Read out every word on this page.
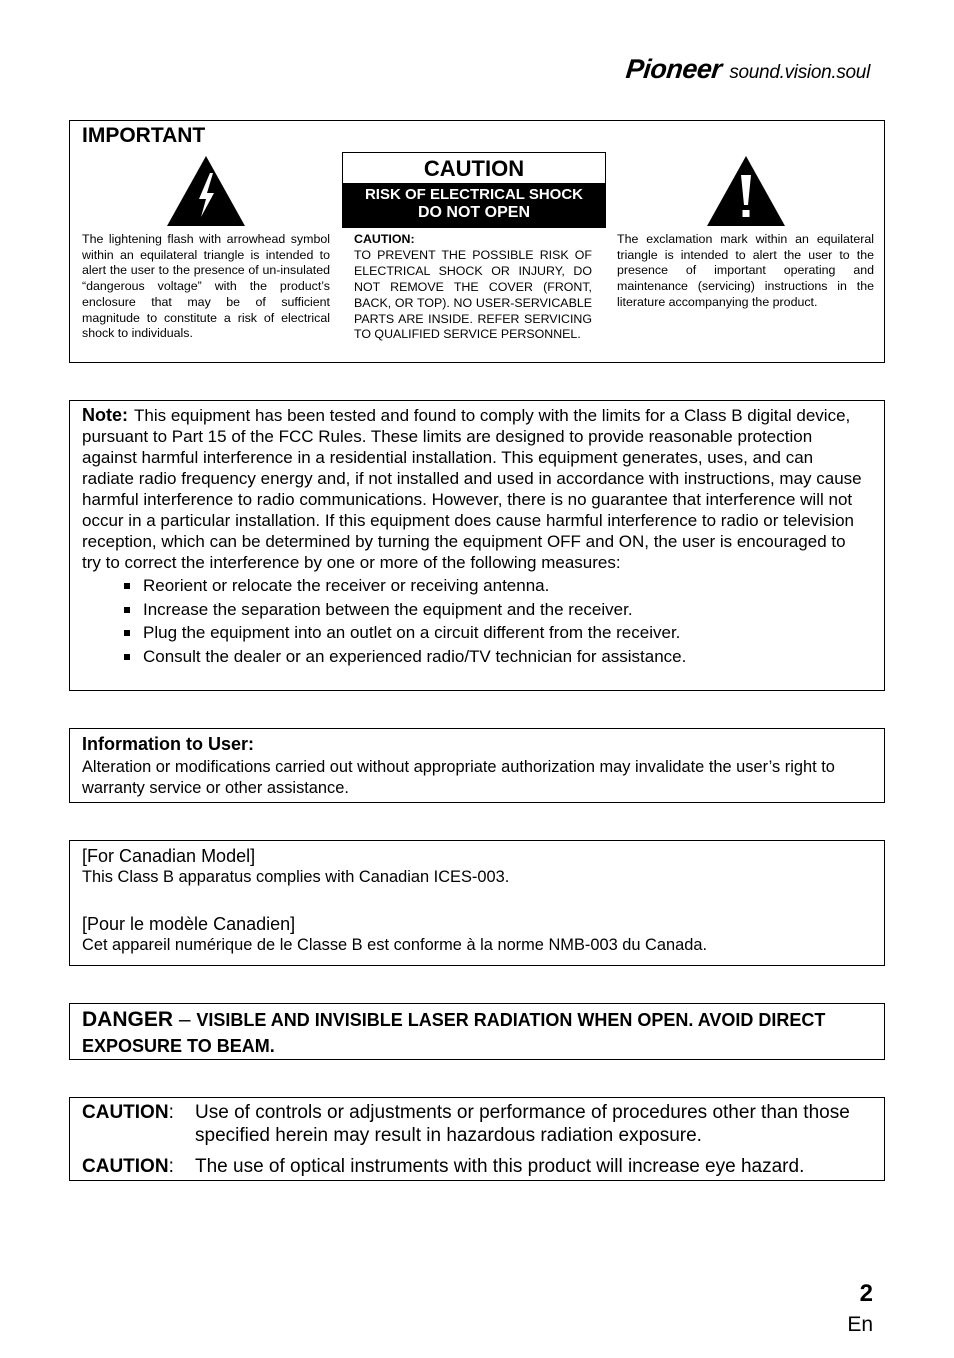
Pioneer sound.vision.soul
IMPORTANT
The lightening flash with arrowhead symbol within an equilateral triangle is intended to alert the user to the presence of un-insulated “dangerous voltage” with the product’s enclosure that may be of sufficient magnitude to constitute a risk of electrical shock to individuals.
CAUTION
RISK OF ELECTRICAL SHOCK
DO NOT OPEN
CAUTION:
TO PREVENT THE POSSIBLE RISK OF ELECTRICAL SHOCK OR INJURY, DO NOT REMOVE THE COVER (FRONT, BACK, OR TOP). NO USER-SERVICABLE PARTS ARE INSIDE. REFER SERVICING TO QUALIFIED SERVICE PERSONNEL.
The exclamation mark within an equilateral triangle is intended to alert the user to the presence of important operating and maintenance (servicing) instructions in the literature accompanying the product.
Note: This equipment has been tested and found to comply with the limits for a Class B digital device, pursuant to Part 15 of the FCC Rules. These limits are designed to provide reasonable protection against harmful interference in a residential installation. This equipment generates, uses, and can radiate radio frequency energy and, if not installed and used in accordance with instructions, may cause harmful interference to radio communications. However, there is no guarantee that interference will not occur in a particular installation. If this equipment does cause harmful interference to radio or television reception, which can be determined by turning the equipment OFF and ON, the user is encouraged to try to correct the interference by one or more of the following measures:
Reorient or relocate the receiver or receiving antenna.
Increase the separation between the equipment and the receiver.
Plug the equipment into an outlet on a circuit different from the receiver.
Consult the dealer or an experienced radio/TV technician for assistance.
Information to User:
Alteration or modifications carried out without appropriate authorization may invalidate the user’s right to warranty service or other assistance.
[For Canadian Model]
This Class B apparatus complies with Canadian ICES-003.
[Pour le modèle Canadien]
Cet appareil numérique de le Classe B est conforme à la norme NMB-003 du Canada.
DANGER – VISIBLE AND INVISIBLE LASER RADIATION WHEN OPEN. AVOID DIRECT EXPOSURE TO BEAM.
CAUTION:	Use of controls or adjustments or performance of procedures other than those specified herein may result in hazardous radiation exposure.
CAUTION:	The use of optical instruments with this product will increase eye hazard.
2
En
